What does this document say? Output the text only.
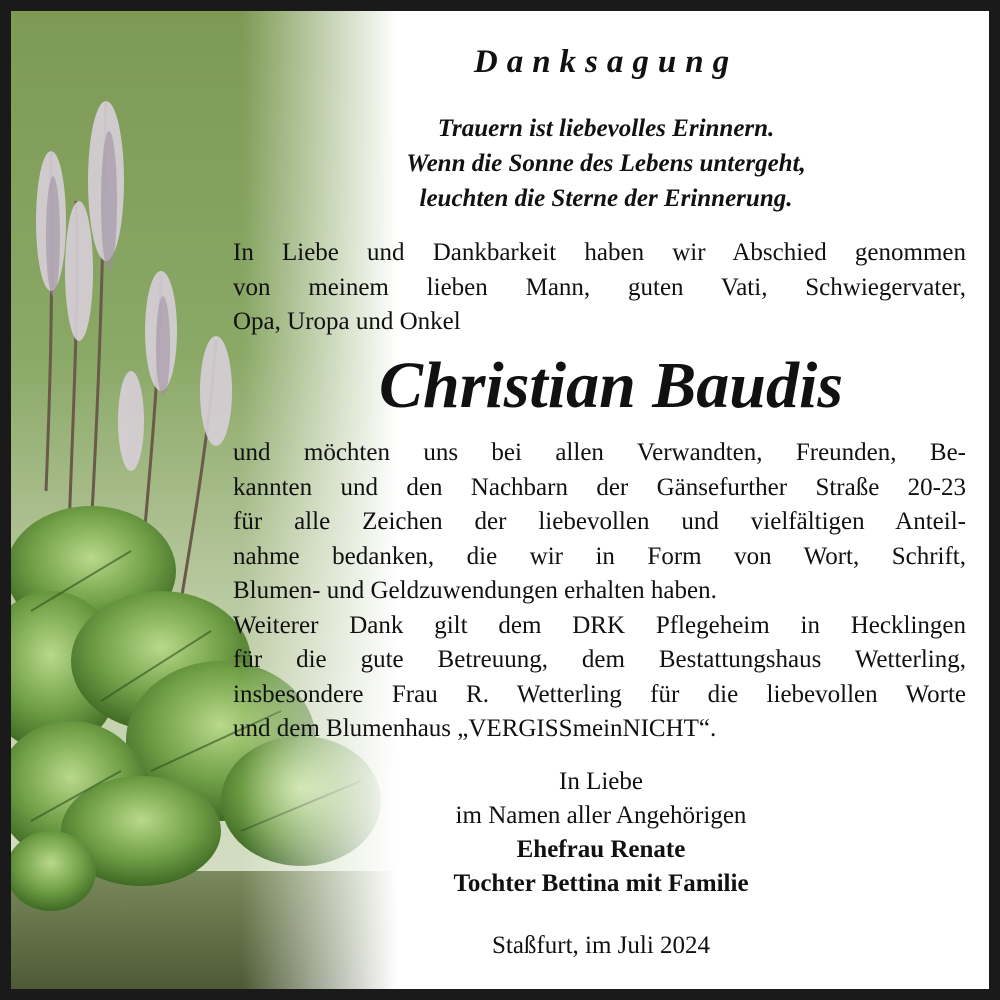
Danksagung
Trauern ist liebevolles Erinnern.
Wenn die Sonne des Lebens untergeht,
leuchten die Sterne der Erinnerung.
In Liebe und Dankbarkeit haben wir Abschied genommen
von meinem lieben Mann, guten Vati, Schwiegervater,
Opa, Uropa und Onkel
Christian Baudis
und möchten uns bei allen Verwandten, Freunden, Be-
kannten und den Nachbarn der Gänsefurther Straße 20-23
für alle Zeichen der liebevollen und vielfältigen Anteil-
nahme bedanken, die wir in Form von Wort, Schrift,
Blumen- und Geldzuwendungen erhalten haben.
Weiterer Dank gilt dem DRK Pflegeheim in Hecklingen
für die gute Betreuung, dem Bestattungshaus Wetterling,
insbesondere Frau R. Wetterling für die liebevollen Worte
und dem Blumenhaus „VERGISSmeinNICHT“.
In Liebe
im Namen aller Angehörigen
Ehefrau Renate
Tochter Bettina mit Familie
Staßfurt, im Juli 2024
